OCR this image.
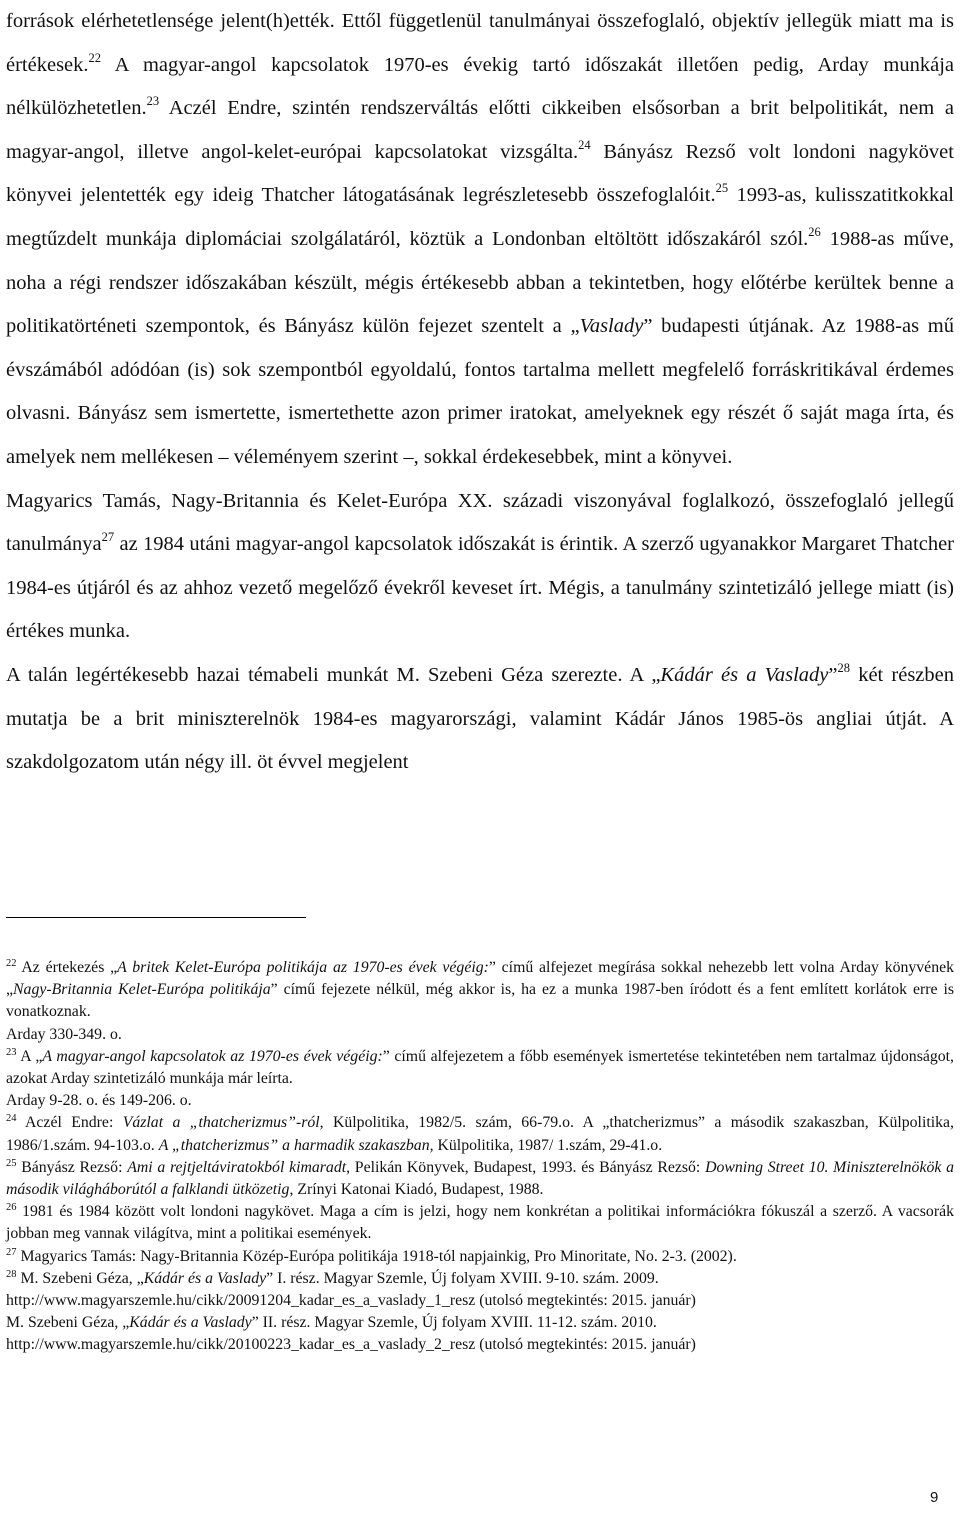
források elérhetetlensége jelent(h)ették. Ettől függetlenül tanulmányai összefoglaló, objektív jellegük miatt ma is értékesek.$^{22}$ A magyar-angol kapcsolatok 1970-es évekig tartó időszakát illetően pedig, Arday munkája nélkülözhetetlen.$^{23}$ Aczél Endre, szintén rendszerváltás előtti cikkeiben elsősorban a brit belpolitikát, nem a magyar-angol, illetve angol-kelet-európai kapcsolatokat vizsgálta.$^{24}$ Bányász Rezső volt londoni nagykövet könyvei jelentették egy ideig Thatcher látogatásának legrészletesebb összefoglalóit.$^{25}$ 1993-as, kulisszatitkokkal megtűzdelt munkája diplomáciai szolgálatáról, köztük a Londonban eltöltött időszakáról szól.$^{26}$ 1988-as műve, noha a régi rendszer időszakában készült, mégis értékesebb abban a tekintetben, hogy előtérbe kerültek benne a politikatörténeti szempontok, és Bányász külön fejezet szentelt a „Vaslady” budapesti útjának. Az 1988-as mű évszámából adódóan (is) sok szempontból egyoldalú, fontos tartalma mellett megfelelő forráskritikával érdemes olvasni. Bányász sem ismertette, ismertethette azon primer iratokat, amelyeknek egy részét ő saját maga írta, és amelyek nem mellékesen – véleményem szerint –, sokkal érdekesebbek, mint a könyvei.

Magyarics Tamás, Nagy-Britannia és Kelet-Európa XX. századi viszonyával foglalkozó, összefoglaló jellegű tanulmánya$^{27}$ az 1984 utáni magyar-angol kapcsolatok időszakát is érintik. A szerző ugyanakkor Margaret Thatcher 1984-es útjáról és az ahhoz vezető megelőző évekről keveset írt. Mégis, a tanulmány szintetizáló jellege miatt (is) értékes munka.

A talán legértékesebb hazai témabeli munkát M. Szebeni Géza szerezte. A „Kádár és a Vaslady”$^{28}$ két részben mutatja be a brit miniszterelnök 1984-es magyarországi, valamint Kádár János 1985-ös angliai útját. A szakdolgozatom után négy ill. öt évvel megjelent

$^{22}$ Az értekezés „A britek Kelet-Európa politikája az 1970-es évek végéig:” című alfejezet megírása sokkal nehezebb lett volna Arday könyvének „Nagy-Britannia Kelet-Európa politikája” című fejezete nélkül, még akkor is, ha ez a munka 1987-ben íródott és a fent említett korlátok erre is vonatkoznak.

Arday 330-349. o.

$^{23}$ A „A magyar-angol kapcsolatok az 1970-es évek végéig:” című alfejezetem a főbb események ismertetése tekintetében nem tartalmaz újdonságot, azokat Arday szintetizáló munkája már leírta.

Arday 9-28. o. és 149-206. o.

$^{24}$ Aczél Endre: Vázlat a „thatcherizmus”-ról, Külpolitika, 1982/5. szám, 66-79.o. A „thatcherizmus” a második szakaszban, Külpolitika, 1986/1.szám. 94-103.o. A „thatcherizmus” a harmadik szakaszban, Külpolitika, 1987/ 1.szám, 29-41.o.

$^{25}$ Bányász Rezső: Ami a rejtjeltáviratokból kimaradt, Pelikán Könyvek, Budapest, 1993. és Bányász Rezső: Downing Street 10. Miniszterelnökök a második világháborútól a falklandi ütközetig, Zrínyi Katonai Kiadó, Budapest, 1988.

$^{26}$ 1981 és 1984 között volt londoni nagykövet. Maga a cím is jelzi, hogy nem konkrétan a politikai információkra fókuszál a szerző. A vacsorák jobban meg vannak világítva, mint a politikai események.

$^{27}$ Magyarics Tamás: Nagy-Britannia Közép-Európa politikája 1918-tól napjainkig, Pro Minoritate, No. 2-3. (2002).

$^{28}$ M. Szebeni Géza, „Kádár és a Vaslady” I. rész. Magyar Szemle, Új folyam XVIII. 9-10. szám. 2009.

http://www.magyarszemle.hu/cikk/20091204_kadar_es_a_vaslady_1_resz (utolsó megtekintés: 2015. január)

M. Szebeni Géza, „Kádár és a Vaslady” II. rész. Magyar Szemle, Új folyam XVIII. 11-12. szám. 2010.

http://www.magyarszemle.hu/cikk/20100223_kadar_es_a_vaslady_2_resz (utolsó megtekintés: 2015. január)

9
